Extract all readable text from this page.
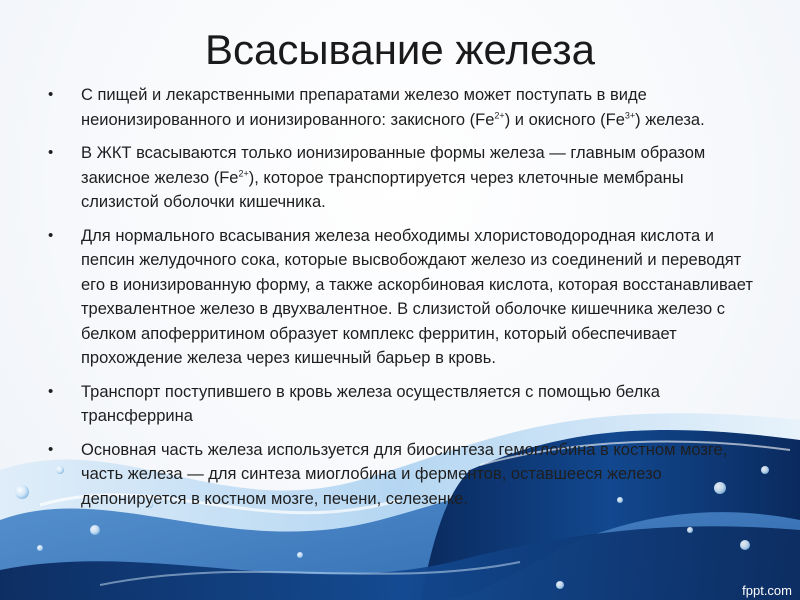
Всасывание железа
• С пищей и лекарственными препаратами железо может поступать в виде неионизированного и ионизированного: закисного $(Fe^{2+})$ и окисного $(Fe^{3+})$ железа.
• В ЖКТ всасываются только ионизированные формы железа — главным образом закисное железо $(Fe^{2+})$, которое транспортируется через клеточные мембраны слизистой оболочки кишечника.
• Для нормального всасывания железа необходимы хлористоводородная кислота и пепсин желудочного сока, которые высвобождают железо из соединений и переводят его в ионизированную форму, а также аскорбиновая кислота, которая восстанавливает трехвалентное железо в двухвалентное. В слизистой оболочке кишечника железо с белком апоферритином образует комплекс ферритин, который обеспечивает прохождение железа через кишечный барьер в кровь.
• Транспорт поступившего в кровь железа осуществляется с помощью белка трансферрина
• Основная часть железа используется для биосинтеза гемоглобина в костном мозге, часть железа — для синтеза миоглобина и ферментов, оставшееся железо депонируется в костном мозге, печени, селезенке.
fppt.com
